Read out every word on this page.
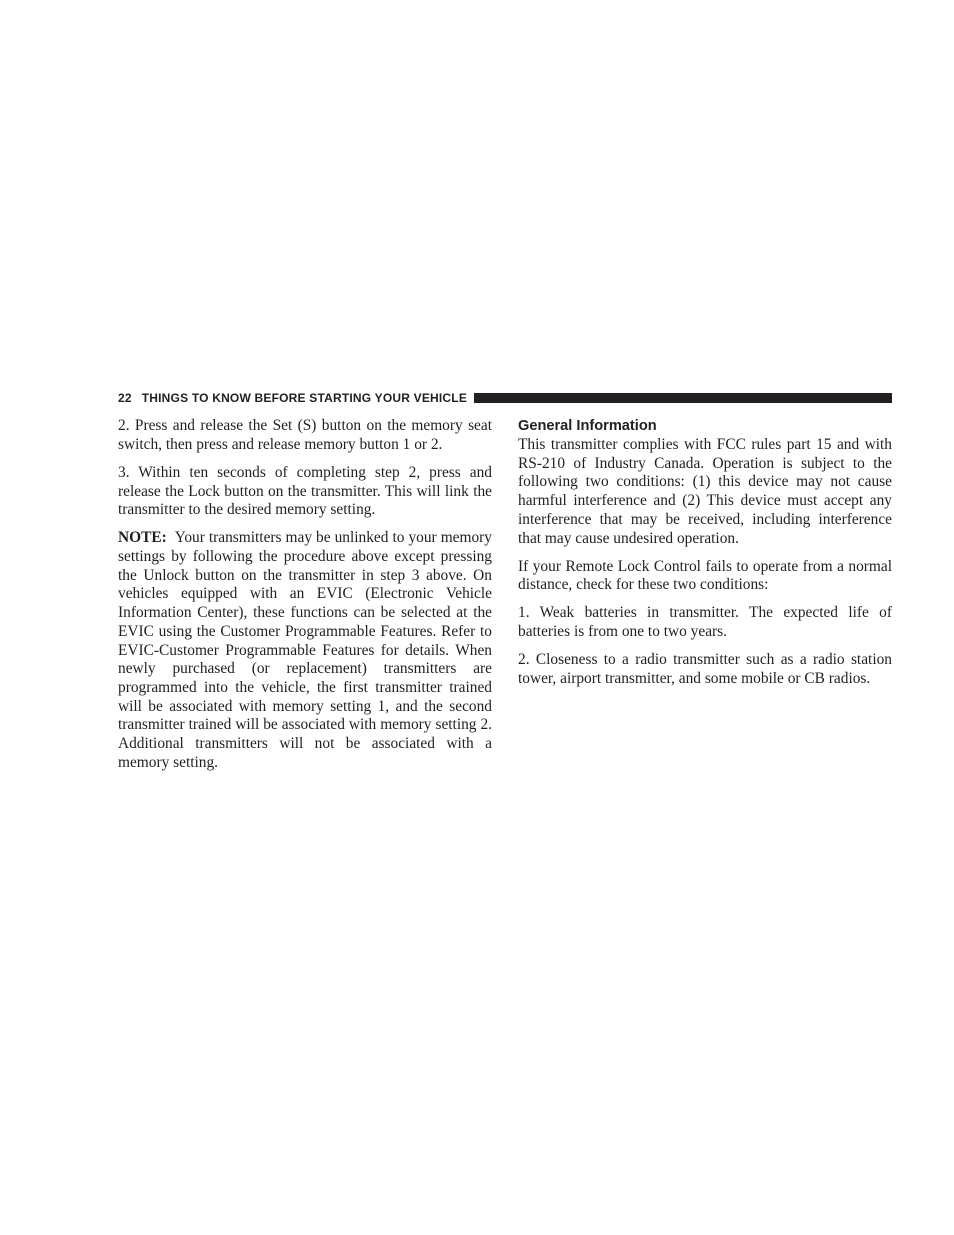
22 THINGS TO KNOW BEFORE STARTING YOUR VEHICLE

2. Press and release the Set (S) button on the memory seat switch, then press and release memory button 1 or 2.

3. Within ten seconds of completing step 2, press and release the Lock button on the transmitter. This will link the transmitter to the desired memory setting.

NOTE: Your transmitters may be unlinked to your memory settings by following the procedure above except pressing the Unlock button on the transmitter in step 3 above. On vehicles equipped with an EVIC (Electronic Vehicle Information Center), these functions can be selected at the EVIC using the Customer Programmable Features. Refer to EVIC-Customer Programmable Features for details. When newly purchased (or replacement) transmitters are programmed into the vehicle, the first transmitter trained will be associated with memory setting 1, and the second transmitter trained will be associated with memory setting 2. Additional transmitters will not be associated with a memory setting.

General Information

This transmitter complies with FCC rules part 15 and with RS-210 of Industry Canada. Operation is subject to the following two conditions: (1) this device may not cause harmful interference and (2) This device must accept any interference that may be received, including interference that may cause undesired operation.

If your Remote Lock Control fails to operate from a normal distance, check for these two conditions:

1. Weak batteries in transmitter. The expected life of batteries is from one to two years.

2. Closeness to a radio transmitter such as a radio station tower, airport transmitter, and some mobile or CB radios.
